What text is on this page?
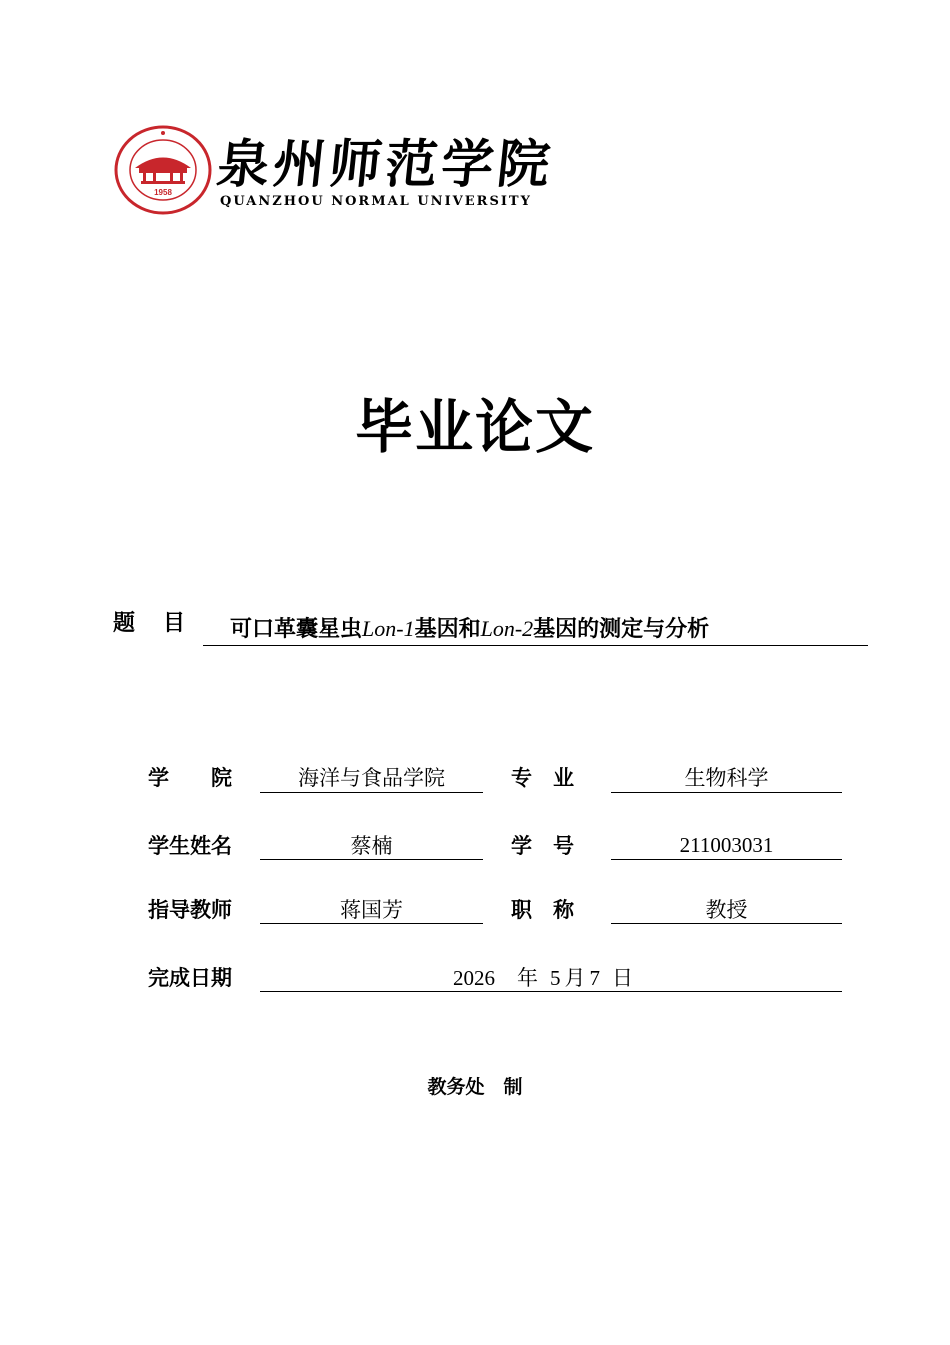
1958 泉州师范学院
QUANZHOU NORMAL UNIVERSITY
毕业论文
题 目 可口革囊星虫Lon-1基因和Lon-2基因的测定与分析
学　　院	海洋与食品学院	专　业	生物科学
学生姓名	蔡楠	学　号	211003031
指导教师	蒋国芳	职　称	教授
完成日期	2026 年 5 月 7 日
教务处　制
